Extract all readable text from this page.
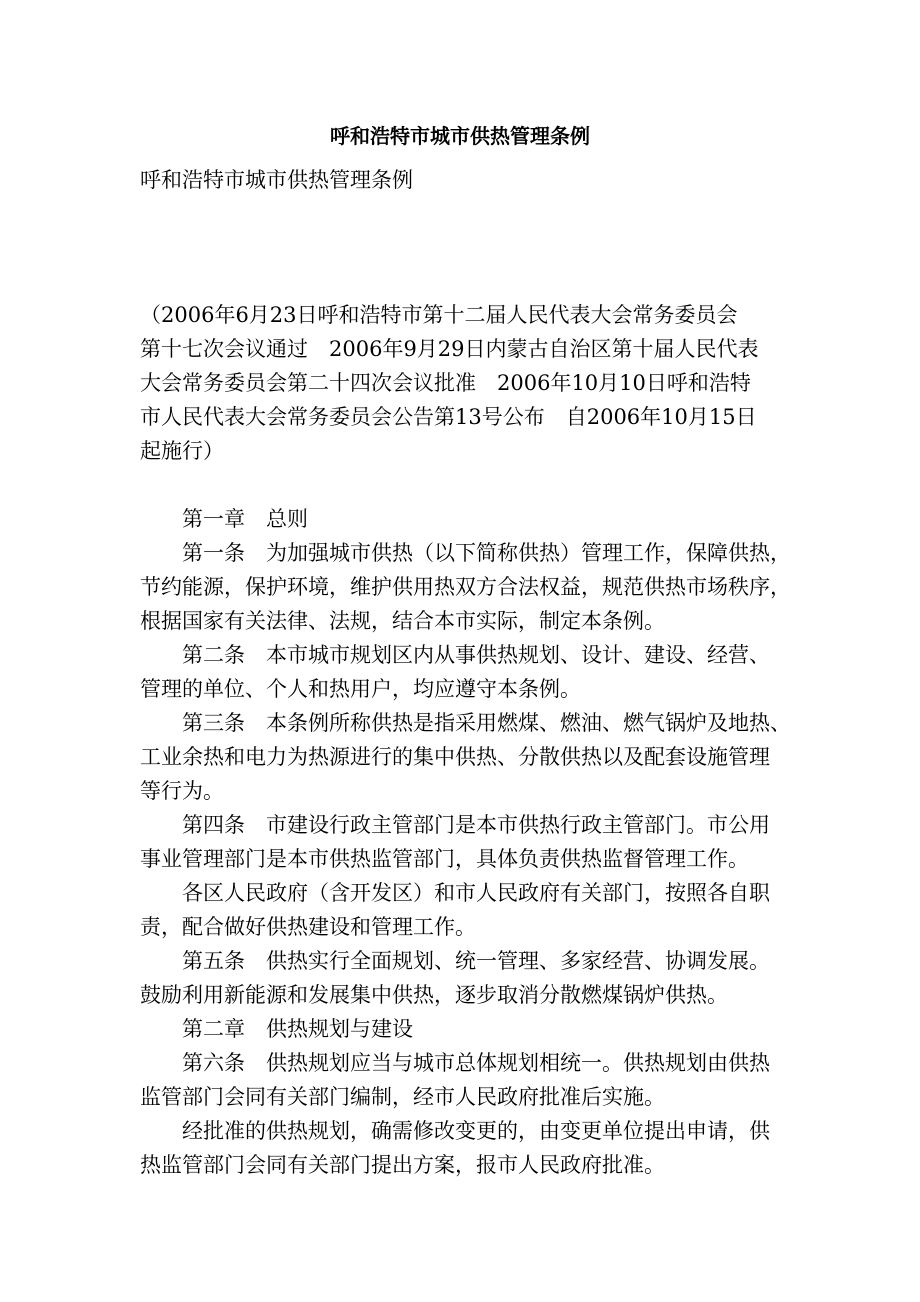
呼和浩特市城市供热管理条例
呼和浩特市城市供热管理条例

（2006年6月23日呼和浩特市第十二届人民代表大会常务委员会

第十七次会议通过　2006年9月29日内蒙古自治区第十届人民代表

大会常务委员会第二十四次会议批准　2006年10月10日呼和浩特

市人民代表大会常务委员会公告第13号公布　自2006年10月15日

起施行）

第一章　总则

第一条　为加强城市供热（以下简称供热）管理工作，保障供热，

节约能源，保护环境，维护供用热双方合法权益，规范供热市场秩序，

根据国家有关法律、法规，结合本市实际，制定本条例。

第二条　本市城市规划区内从事供热规划、设计、建设、经营、

管理的单位、个人和热用户，均应遵守本条例。

第三条　本条例所称供热是指采用燃煤、燃油、燃气锅炉及地热、

工业余热和电力为热源进行的集中供热、分散供热以及配套设施管理

等行为。

第四条　市建设行政主管部门是本市供热行政主管部门。市公用

事业管理部门是本市供热监管部门，具体负责供热监督管理工作。

各区人民政府（含开发区）和市人民政府有关部门，按照各自职

责，配合做好供热建设和管理工作。

第五条　供热实行全面规划、统一管理、多家经营、协调发展。

鼓励利用新能源和发展集中供热，逐步取消分散燃煤锅炉供热。

第二章　供热规划与建设

第六条　供热规划应当与城市总体规划相统一。供热规划由供热

监管部门会同有关部门编制，经市人民政府批准后实施。

经批准的供热规划，确需修改变更的，由变更单位提出申请，供

热监管部门会同有关部门提出方案，报市人民政府批准。
